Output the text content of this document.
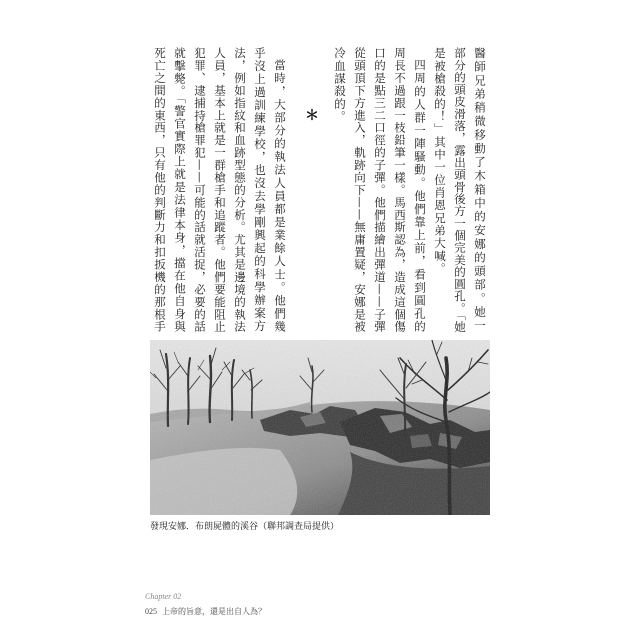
醫師兄弟稍微移動了木箱中的安娜的頭部。她一
部分的頭皮滑落，露出頭骨後方一個完美的圓孔。「她
是被槍殺的！」其中一位肖恩兄弟大喊。
四周的人群一陣騷動。他們靠上前，看到圓孔的
周長不過跟一枝鉛筆一樣。馬西斯認為，造成這個傷
口的是點三二口徑的子彈。他們描繪出彈道——子彈
從頭頂下方進入，軌跡向下——無庸置疑，安娜是被
冷血謀殺的。
＊
當時，大部分的執法人員都是業餘人士。他們幾
乎沒上過訓練學校，也沒去學剛興起的科學辦案方
法，例如指紋和血跡型態的分析。尤其是邊境的執法
人員，基本上就是一群槍手和追蹤者。他們要能阻止
犯罪、逮捕持槍罪犯——可能的話就活捉，必要的話
就擊斃。「警官實際上就是法律本身，擋在他自身與
死亡之間的東西，只有他的判斷力和扣扳機的那根手
發現安娜．布朗屍體的溪谷（聯邦調查局提供）
Chapter 02
025 上帝的旨意，還是出自人為？
